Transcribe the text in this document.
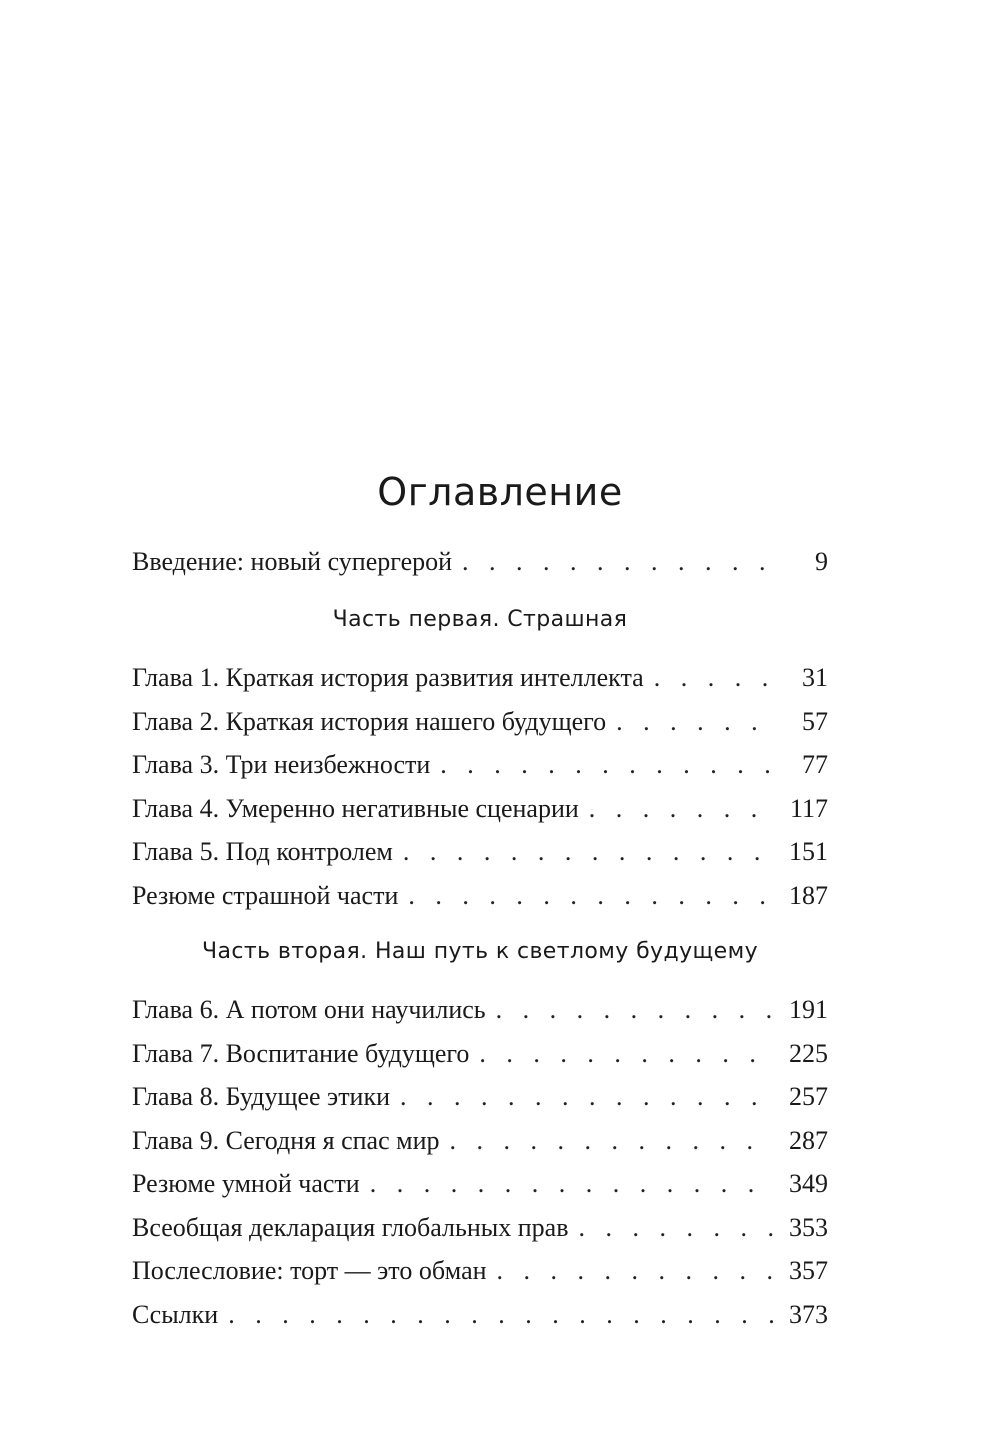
Оглавление
Введение: новый супергерой . . .	9
Часть первая. Страшная
Глава 1. Краткая история развития интеллекта . . .	31
Глава 2. Краткая история нашего будущего . . .	57
Глава 3. Три неизбежности . . .	77
Глава 4. Умеренно негативные сценарии . . .	117
Глава 5. Под контролем . . .	151
Резюме страшной части . . .	187
Часть вторая. Наш путь к светлому будущему
Глава 6. А потом они научились . . .	191
Глава 7. Воспитание будущего . . .	225
Глава 8. Будущее этики . . .	257
Глава 9. Сегодня я спас мир . . .	287
Резюме умной части . . .	349
Всеобщая декларация глобальных прав . . .	353
Послесловие: торт — это обман . . .	357
Ссылки . . .	373
